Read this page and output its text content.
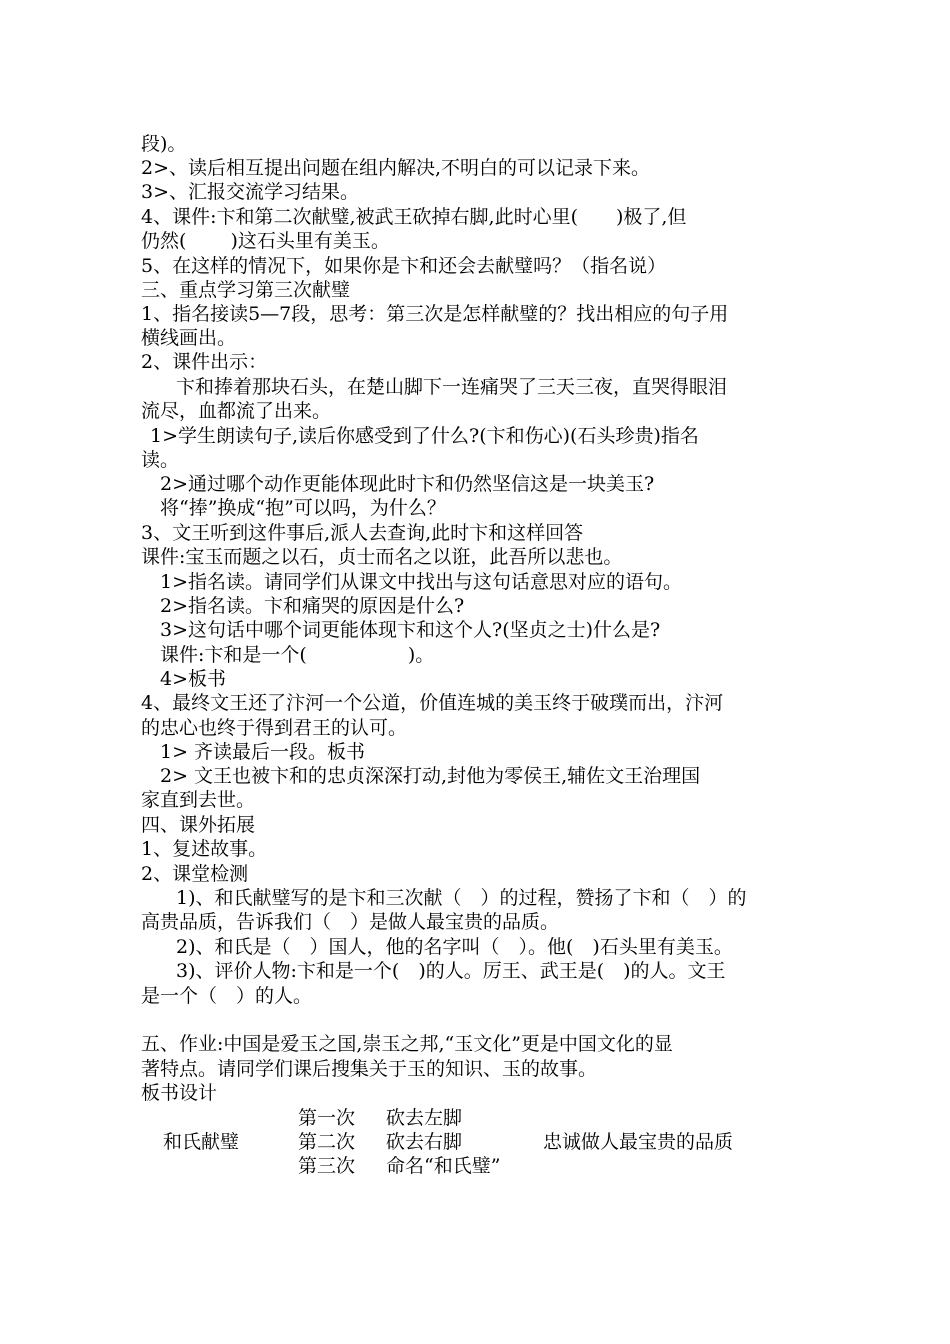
段)。
2>、读后相互提出问题在组内解决,不明白的可以记录下来。
3>、汇报交流学习结果。
4、课件:卞和第二次献璧,被武王砍掉右脚,此时心里(　　)极了,但
仍然(　　 )这石头里有美玉。
5、在这样的情况下，如果你是卞和还会去献璧吗？（指名说）
三、重点学习第三次献璧
1、指名接读5—7段，思考：第三次是怎样献璧的？找出相应的句子用
横线画出。
2、课件出示：
卞和捧着那块石头，在楚山脚下一连痛哭了三天三夜，直哭得眼泪
流尽，血都流了出来。
1>学生朗读句子,读后你感受到了什么?(卞和伤心)(石头珍贵)指名
读。
2>通过哪个动作更能体现此时卞和仍然坚信这是一块美玉?
将“捧”换成“抱”可以吗，为什么？
3、文王听到这件事后,派人去查询,此时卞和这样回答
课件:宝玉而题之以石，贞士而名之以诳，此吾所以悲也。
1>指名读。请同学们从课文中找出与这句话意思对应的语句。
2>指名读。卞和痛哭的原因是什么?
3>这句话中哪个词更能体现卞和这个人?(坚贞之士)什么是?
课件:卞和是一个(　　　　　 )。
4>板书
4、最终文王还了汴河一个公道，价值连城的美玉终于破璞而出，汴河
的忠心也终于得到君王的认可。
1> 齐读最后一段。板书
2> 文王也被卞和的忠贞深深打动,封他为零侯王,辅佐文王治理国
家直到去世。
四、课外拓展
1、复述故事。
2、课堂检测
1)、和氏献璧写的是卞和三次献（　）的过程，赞扬了卞和（　）的
高贵品质，告诉我们（　）是做人最宝贵的品质。
2)、和氏是（　）国人，他的名字叫（　）。他(　)石头里有美玉。
3)、评价人物:卞和是一个(　)的人。厉王、武王是(　)的人。文王
是一个（　）的人。
五、作业:中国是爱玉之国,崇玉之邦,“玉文化”更是中国文化的显
著特点。请同学们课后搜集关于玉的知识、玉的故事。
板书设计
和氏献璧
第一次 砍去左脚
第二次 砍去右脚
第三次 命名“和氏璧”
忠诚做人最宝贵的品质
